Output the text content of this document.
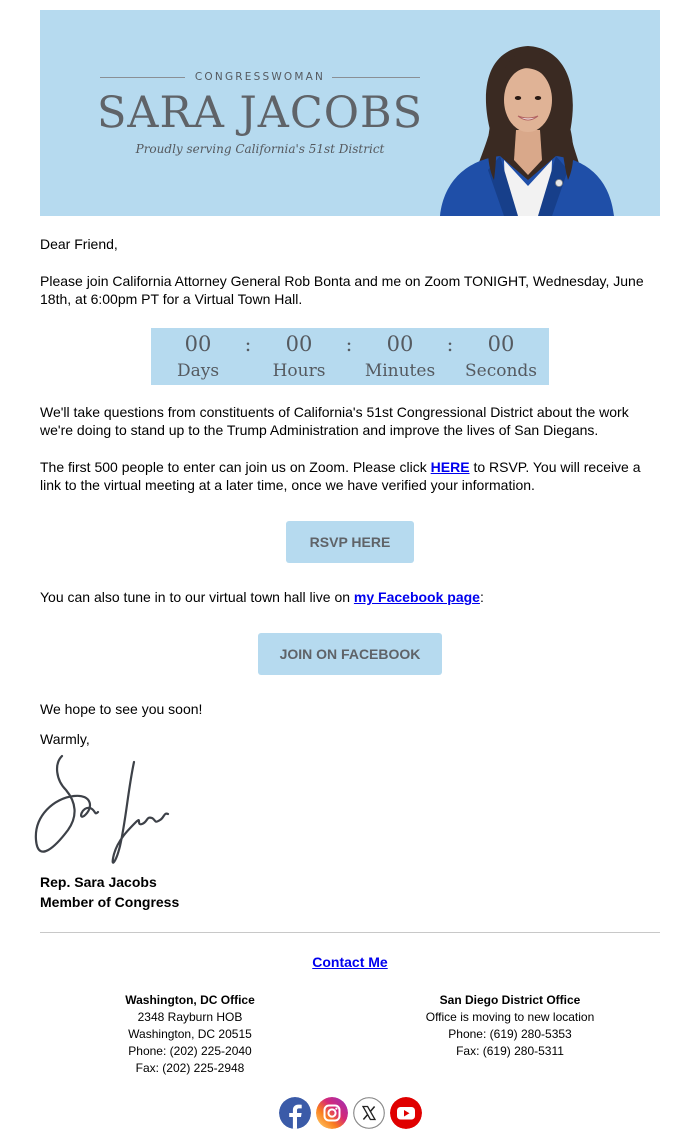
CONGRESSWOMAN
SARA JACOBS
Proudly serving California's 51st District

Dear Friend,

Please join California Attorney General Rob Bonta and me on Zoom TONIGHT, Wednesday, June 18th, at 6:00pm PT for a Virtual Town Hall.

00	:	00	:	00	:	00
Days	Hours	Minutes	Seconds

We'll take questions from constituents of California's 51st Congressional District about the work we're doing to stand up to the Trump Administration and improve the lives of San Diegans.

The first 500 people to enter can join us on Zoom. Please click HERE to RSVP. You will receive a link to the virtual meeting at a later time, once we have verified your information.

RSVP HERE

You can also tune in to our virtual town hall live on my Facebook page:

JOIN ON FACEBOOK

We hope to see you soon!

Warmly,

Rep. Sara Jacobs
Member of Congress
Contact Me
Washington, DC Office
2348 Rayburn HOB
Washington, DC 20515
Phone: (202) 225-2040
Fax: (202) 225-2948
San Diego District Office
Office is moving to new location
Phone: (619) 280-5353
Fax: (619) 280-5311
